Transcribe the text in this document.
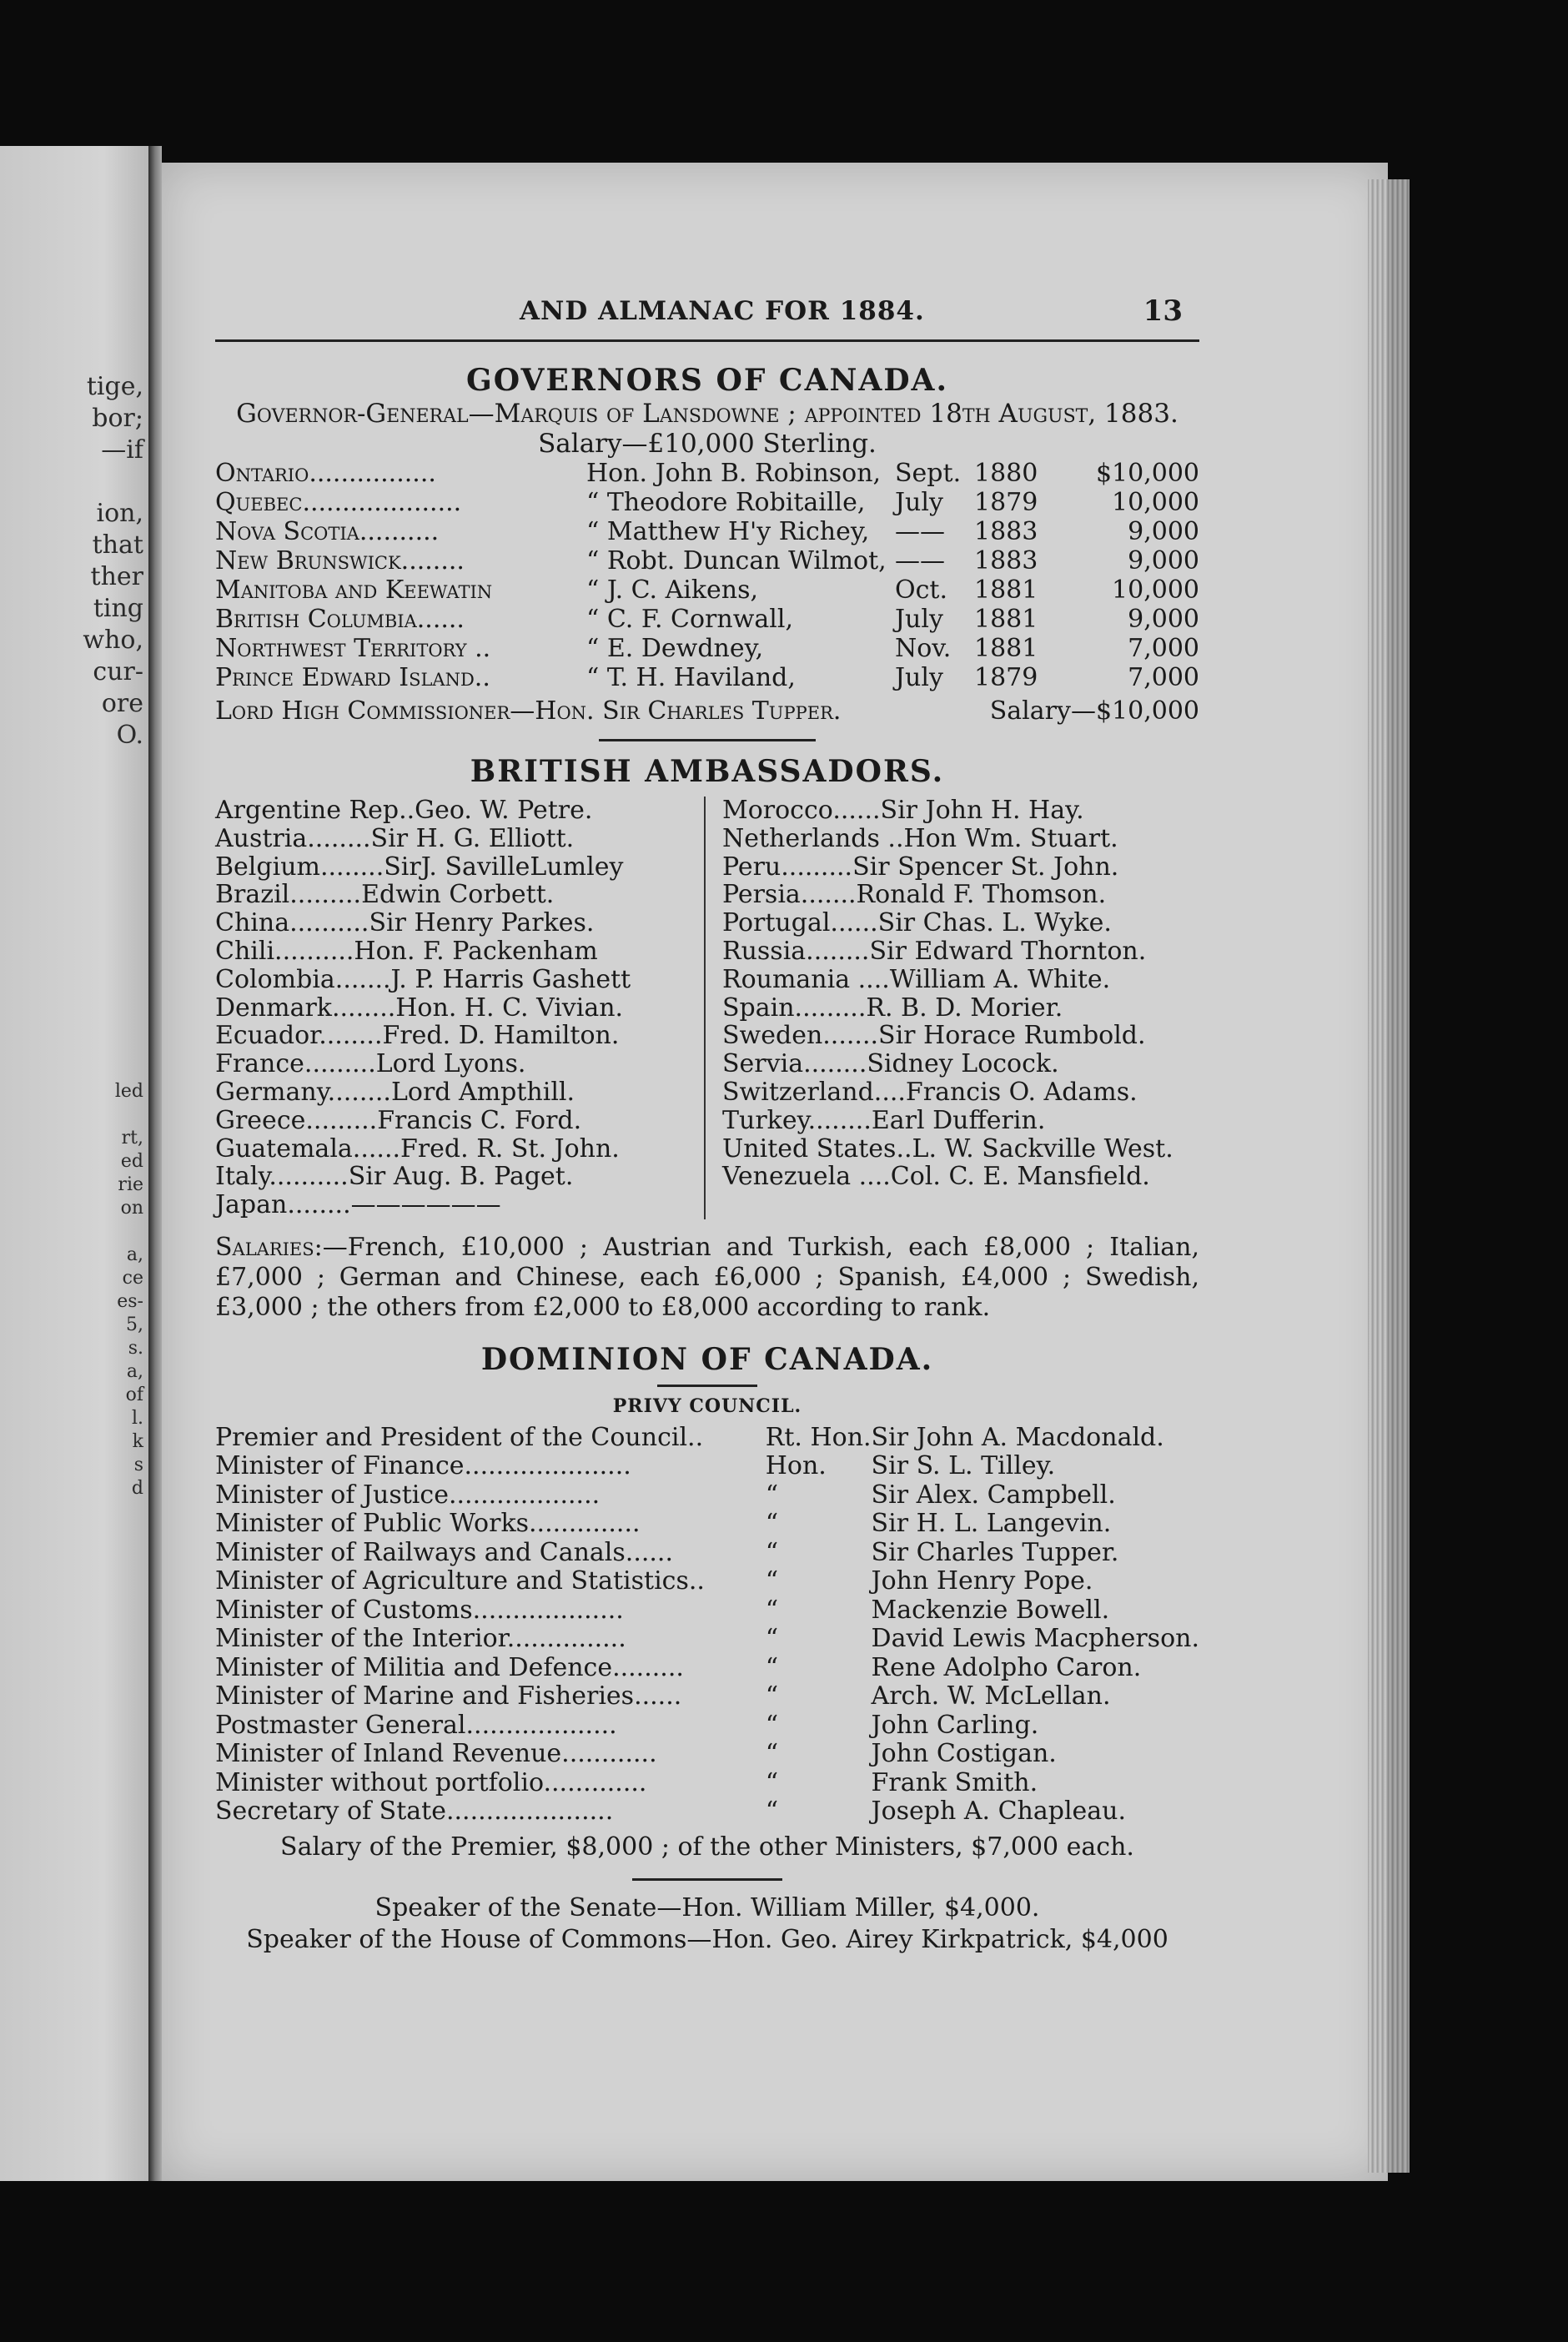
tige,
bor;
—if
ion,
that
ther
ting
who,
cur-
ore
O.
led
rt,
ed
rie
on
a,
ce
es-
5,
s.
a,
of
l.
k
s
d
AND ALMANAC FOR 1884.	13
GOVERNORS OF CANADA.
Governor-General—Marquis of Lansdowne ; appointed 18th August, 1883.
Salary—£10,000 Sterling.
Ontario................	Hon. John B. Robinson,	Sept.	1880	$10,000
Quebec....................	“ Theodore Robitaille,	July	1879	10,000
Nova Scotia..........	“ Matthew H'y Richey,	——	1883	9,000
New Brunswick........	“ Robt. Duncan Wilmot,	——	1883	9,000
Manitoba and Keewatin	“ J. C. Aikens,	Oct.	1881	10,000
British Columbia......	“ C. F. Cornwall,	July	1881	9,000
Northwest Territory ..	“ E. Dewdney,	Nov.	1881	7,000
Prince Edward Island..	“ T. H. Haviland,	July	1879	7,000
Lord High Commissioner—Hon. Sir Charles Tupper.	Salary—$10,000
BRITISH AMBASSADORS.
Argentine Rep..Geo. W. Petre.
Austria........Sir H. G. Elliott.
Belgium........SirJ. SavilleLumley
Brazil.........Edwin Corbett.
China..........Sir Henry Parkes.
Chili..........Hon. F. Packenham
Colombia.......J. P. Harris Gashett
Denmark........Hon. H. C. Vivian.
Ecuador........Fred. D. Hamilton.
France.........Lord Lyons.
Germany........Lord Ampthill.
Greece.........Francis C. Ford.
Guatemala......Fred. R. St. John.
Italy..........Sir Aug. B. Paget.
Japan........——————
Morocco......Sir John H. Hay.
Netherlands ..Hon Wm. Stuart.
Peru.........Sir Spencer St. John.
Persia.......Ronald F. Thomson.
Portugal......Sir Chas. L. Wyke.
Russia........Sir Edward Thornton.
Roumania ....William A. White.
Spain.........R. B. D. Morier.
Sweden.......Sir Horace Rumbold.
Servia........Sidney Locock.
Switzerland....Francis O. Adams.
Turkey........Earl Dufferin.
United States..L. W. Sackville West.
Venezuela ....Col. C. E. Mansfield.
Salaries:—French, £10,000 ; Austrian and Turkish, each £8,000 ; Italian, £7,000 ; German and Chinese, each £6,000 ; Spanish, £4,000 ; Swedish, £3,000 ; the others from £2,000 to £8,000 according to rank.
DOMINION OF CANADA.
PRIVY COUNCIL.
Premier and President of the Council..	Rt. Hon.	Sir John A. Macdonald.
Minister of Finance.....................	Hon.	Sir S. L. Tilley.
Minister of Justice...................	“	Sir Alex. Campbell.
Minister of Public Works..............	“	Sir H. L. Langevin.
Minister of Railways and Canals......	“	Sir Charles Tupper.
Minister of Agriculture and Statistics..	“	John Henry Pope.
Minister of Customs...................	“	Mackenzie Bowell.
Minister of the Interior...............	“	David Lewis Macpherson.
Minister of Militia and Defence.........	“	Rene Adolpho Caron.
Minister of Marine and Fisheries......	“	Arch. W. McLellan.
Postmaster General...................	“	John Carling.
Minister of Inland Revenue............	“	John Costigan.
Minister without portfolio.............	“	Frank Smith.
Secretary of State.....................	“	Joseph A. Chapleau.
Salary of the Premier, $8,000 ; of the other Ministers, $7,000 each.
Speaker of the Senate—Hon. William Miller, $4,000.
Speaker of the House of Commons—Hon. Geo. Airey Kirkpatrick, $4,000
